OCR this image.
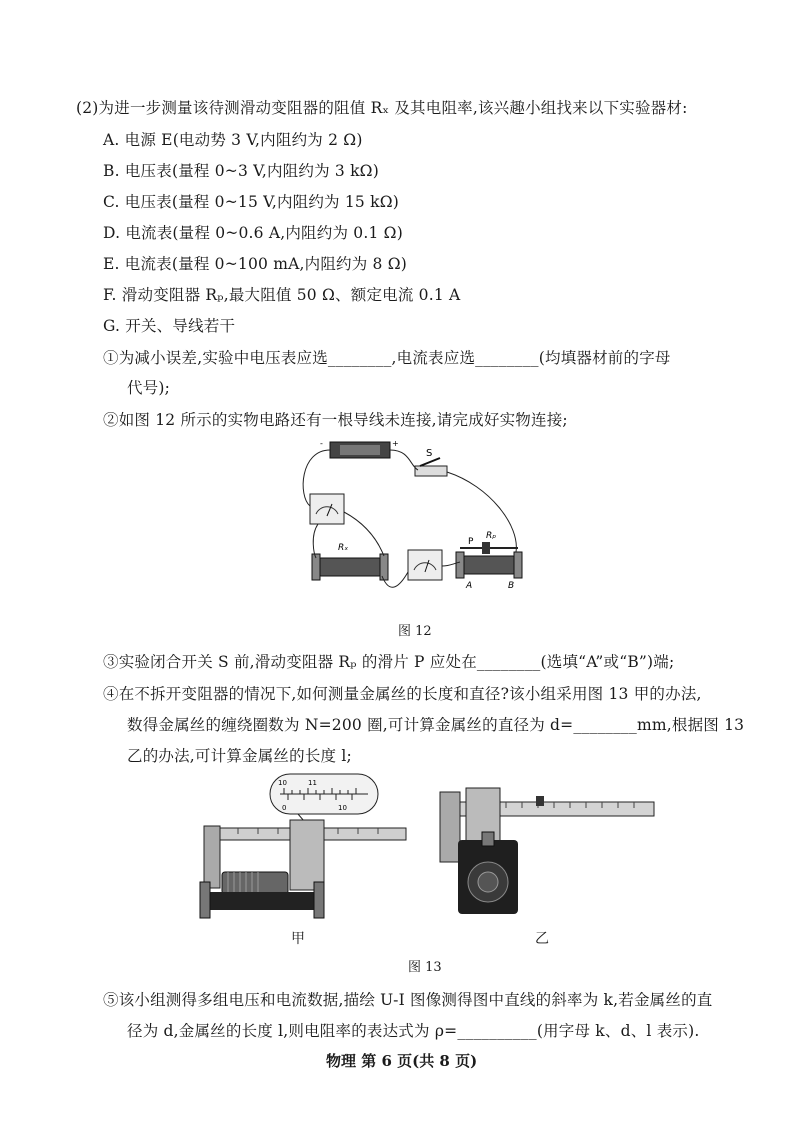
(2)为进一步测量该待测滑动变阻器的阻值 Rₓ 及其电阻率,该兴趣小组找来以下实验器材:
A. 电源 E(电动势 3 V,内阻约为 2 Ω)
B. 电压表(量程 0~3 V,内阻约为 3 kΩ)
C. 电压表(量程 0~15 V,内阻约为 15 kΩ)
D. 电流表(量程 0~0.6 A,内阻约为 0.1 Ω)
E. 电流表(量程 0~100 mA,内阻约为 8 Ω)
F. 滑动变阻器 Rₚ,最大阻值 50 Ω、额定电流 0.1 A
G. 开关、导线若干
①为减小误差,实验中电压表应选________,电流表应选________(均填器材前的字母
代号);
②如图 12 所示的实物电路还有一根导线未连接,请完成好实物连接;
-	+
S
Rₓ
P
Rₚ
A	B
图 12
③实验闭合开关 S 前,滑动变阻器 Rₚ 的滑片 P 应处在________(选填“A”或“B”)端;
④在不拆开变阻器的情况下,如何测量金属丝的长度和直径?该小组采用图 13 甲的办法,
数得金属丝的缠绕圈数为 N=200 圈,可计算金属丝的直径为 d=________mm,根据图 13
乙的办法,可计算金属丝的长度 l;
10	11
0	10
甲	乙
图 13
⑤该小组测得多组电压和电流数据,描绘 U-I 图像测得图中直线的斜率为 k,若金属丝的直
径为 d,金属丝的长度 l,则电阻率的表达式为 ρ=__________(用字母 k、d、l 表示).
物理 第 6 页(共 8 页)
